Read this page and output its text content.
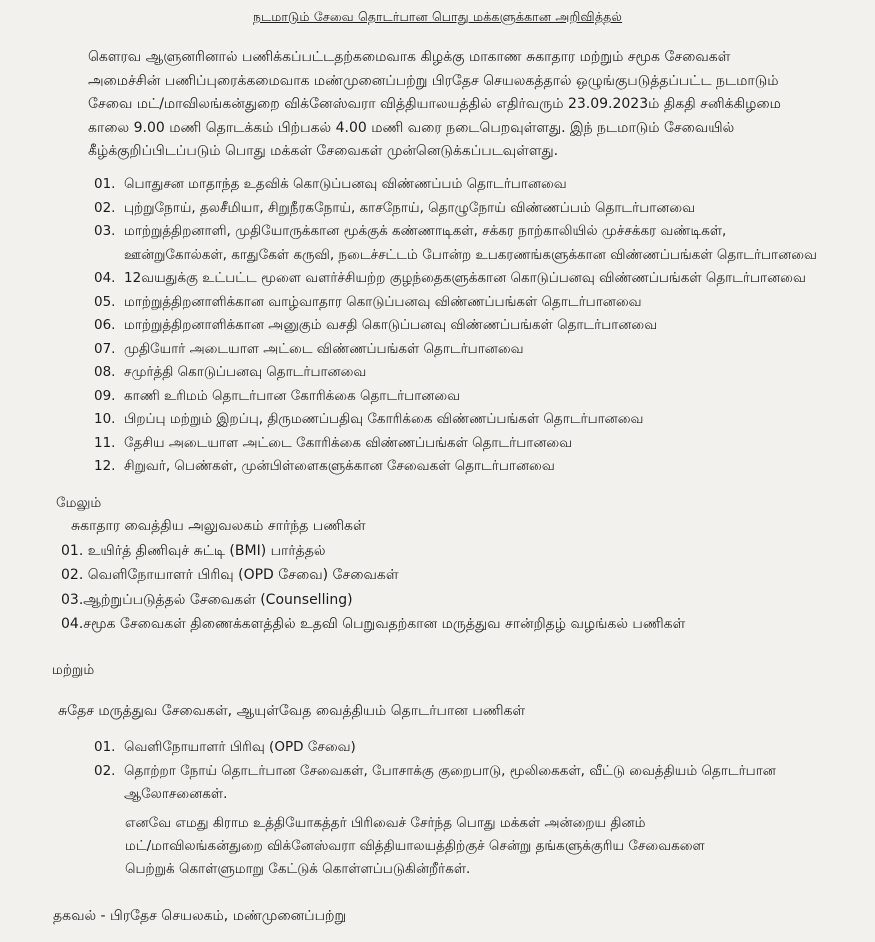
நடமாடும் சேவை தொடர்பான பொது மக்களுக்கான அறிவித்தல்
கௌரவ ஆளுனரினால் பணிக்கப்பட்டதற்கமைவாக கிழக்கு மாகாண சுகாதார மற்றும் சமூக சேவைகள்
அமைச்சின் பணிப்புரைக்கமைவாக மண்முனைப்பற்று பிரதேச செயலகத்தால் ஒழுங்குபடுத்தப்பட்ட நடமாடும்
சேவை மட்/மாவிலங்கன்துறை விக்னேஸ்வரா வித்தியாலயத்தில் எதிர்வரும் 23.09.2023ம் திகதி சனிக்கிழமை
காலை 9.00 மணி தொடக்கம் பிற்பகல் 4.00 மணி வரை நடைபெறவுள்ளது. இந் நடமாடும் சேவையில்
கீழ்க்குறிப்பிடப்படும் பொது மக்கள் சேவைகள் முன்னெடுக்கப்படவுள்ளது.
01. பொதுசன மாதாந்த உதவிக் கொடுப்பனவு விண்ணப்பம் தொடர்பானவை
02. புற்றுநோய், தலசீமியா, சிறுநீரகநோய், காசநோய், தொழுநோய் விண்ணப்பம் தொடர்பானவை
03. மாற்றுத்திறனாளி, முதியோருக்கான மூக்குக் கண்ணாடிகள், சக்கர நாற்காலியில் முச்சக்கர வண்டிகள், ஊன்றுகோல்கள், காதுகேள் கருவி, நடைச்சட்டம் போன்ற உபகரணங்களுக்கான விண்ணப்பங்கள் தொடர்பானவை
04. 12வயதுக்கு உட்பட்ட மூளை வளர்ச்சியற்ற குழந்தைகளுக்கான கொடுப்பனவு விண்ணப்பங்கள் தொடர்பானவை
05. மாற்றுத்திறனாளிக்கான வாழ்வாதார கொடுப்பனவு விண்ணப்பங்கள் தொடர்பானவை
06. மாற்றுத்திறனாளிக்கான அனுகும் வசதி கொடுப்பனவு விண்ணப்பங்கள் தொடர்பானவை
07. முதியோர் அடையாள அட்டை விண்ணப்பங்கள் தொடர்பானவை
08. சமுர்த்தி கொடுப்பனவு தொடர்பானவை
09. காணி உரிமம் தொடர்பான கோரிக்கை தொடர்பானவை
10. பிறப்பு மற்றும் இறப்பு, திருமணப்பதிவு கோரிக்கை விண்ணப்பங்கள் தொடர்பானவை
11. தேசிய அடையாள அட்டை கோரிக்கை விண்ணப்பங்கள் தொடர்பானவை
12. சிறுவர், பெண்கள், முன்பிள்ளைகளுக்கான சேவைகள் தொடர்பானவை
மேலும்
சுகாதார வைத்திய அலுவலகம் சார்ந்த பணிகள்
01. உயிர்த் திணிவுச் சுட்டி (BMI) பார்த்தல்
02. வெளிநோயாளர் பிரிவு (OPD சேவை) சேவைகள்
03.ஆற்றுப்படுத்தல் சேவைகள் (Counselling)
04.சமூக சேவைகள் திணைக்களத்தில் உதவி பெறுவதற்கான மருத்துவ சான்றிதழ் வழங்கல் பணிகள்
மற்றும்
சுதேச மருத்துவ சேவைகள், ஆயுள்வேத வைத்தியம் தொடர்பான பணிகள்
01. வெளிநோயாளர் பிரிவு (OPD சேவை)
02. தொற்றா நோய் தொடர்பான சேவைகள், போசாக்கு குறைபாடு, மூலிகைகள், வீட்டு வைத்தியம் தொடர்பான ஆலோசனைகள்.
எனவே எமது கிராம உத்தியோகத்தர் பிரிவைச் சேர்ந்த பொது மக்கள் அன்றைய தினம்
மட்/மாவிலங்கன்துறை விக்னேஸ்வரா வித்தியாலயத்திற்குச் சென்று தங்களுக்குரிய சேவைகளை
பெற்றுக் கொள்ளுமாறு கேட்டுக் கொள்ளப்படுகின்றீர்கள்.
தகவல் - பிரதேச செயலகம், மண்முனைப்பற்று
